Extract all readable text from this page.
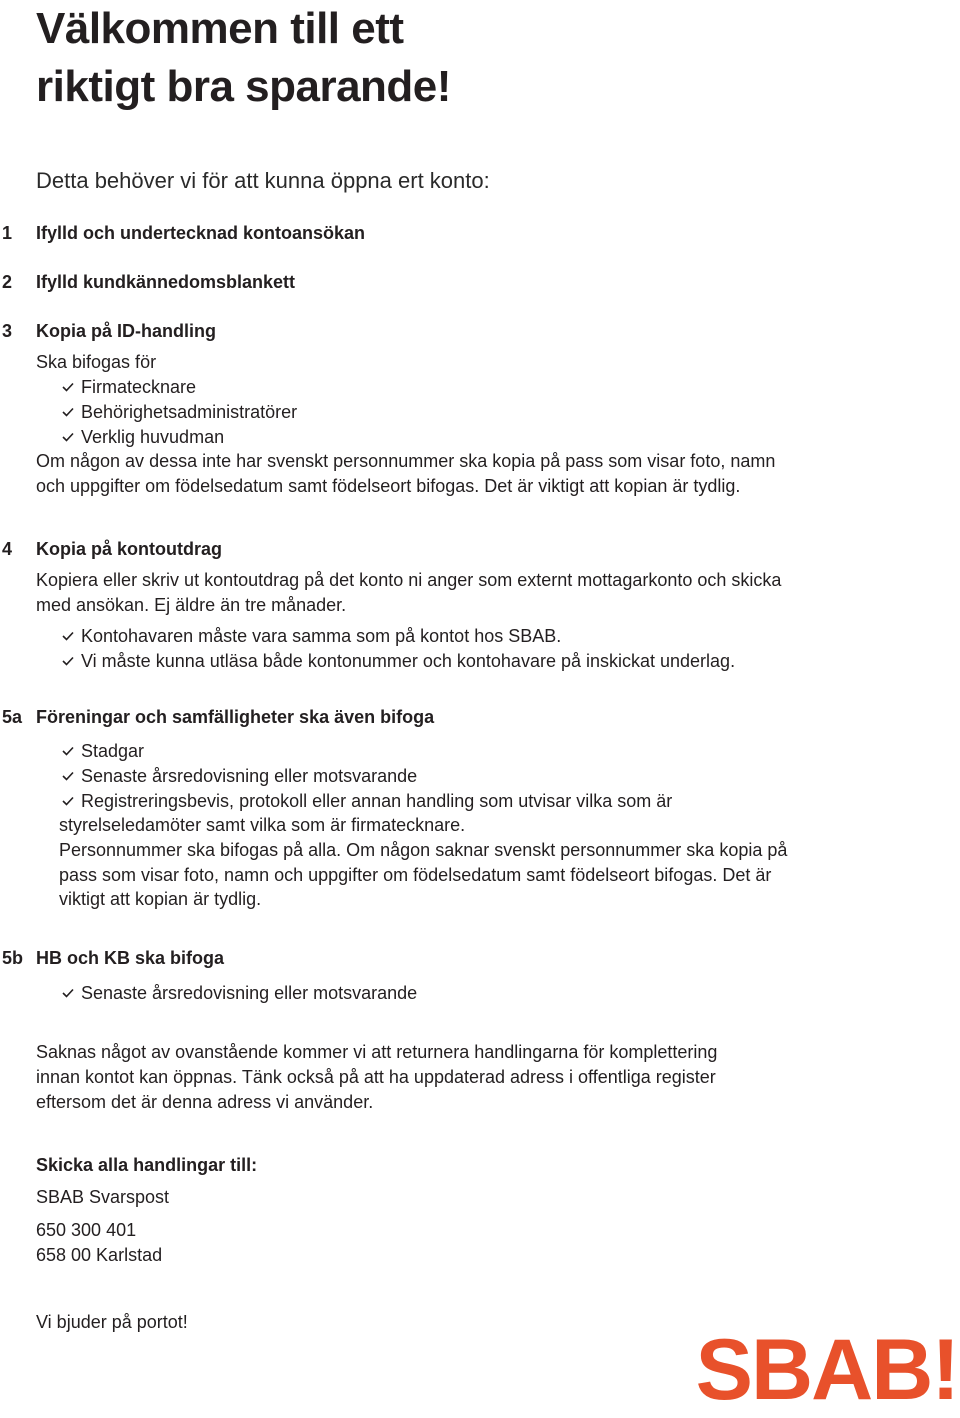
Välkommen till ett
riktigt bra sparande!
Detta behöver vi för att kunna öppna ert konto:
1 Ifylld och undertecknad kontoansökan
2 Ifylld kundkännedomsblankett
3 Kopia på ID-handling
Ska bifogas för
Firmatecknare
Behörighetsadministratörer
Verklig huvudman
Om någon av dessa inte har svenskt personnummer ska kopia på pass som visar foto, namn
och uppgifter om födelsedatum samt födelseort bifogas. Det är viktigt att kopian är tydlig.
4 Kopia på kontoutdrag
Kopiera eller skriv ut kontoutdrag på det konto ni anger som externt mottagarkonto och skicka
med ansökan. Ej äldre än tre månader.
Kontohavaren måste vara samma som på kontot hos SBAB.
Vi måste kunna utläsa både kontonummer och kontohavare på inskickat underlag.
5a Föreningar och samfälligheter ska även bifoga
Stadgar
Senaste årsredovisning eller motsvarande
Registreringsbevis, protokoll eller annan handling som utvisar vilka som är
styrelseledamöter samt vilka som är firmatecknare.
Personnummer ska bifogas på alla. Om någon saknar svenskt personnummer ska kopia på
pass som visar foto, namn och uppgifter om födelsedatum samt födelseort bifogas. Det är
viktigt att kopian är tydlig.
5b HB och KB ska bifoga
Senaste årsredovisning eller motsvarande
Saknas något av ovanstående kommer vi att returnera handlingarna för komplettering
innan kontot kan öppnas. Tänk också på att ha uppdaterad adress i offentliga register
eftersom det är denna adress vi använder.
Skicka alla handlingar till:
SBAB Svarspost
650 300 401
658 00 Karlstad
Vi bjuder på portot!	SBAB!
